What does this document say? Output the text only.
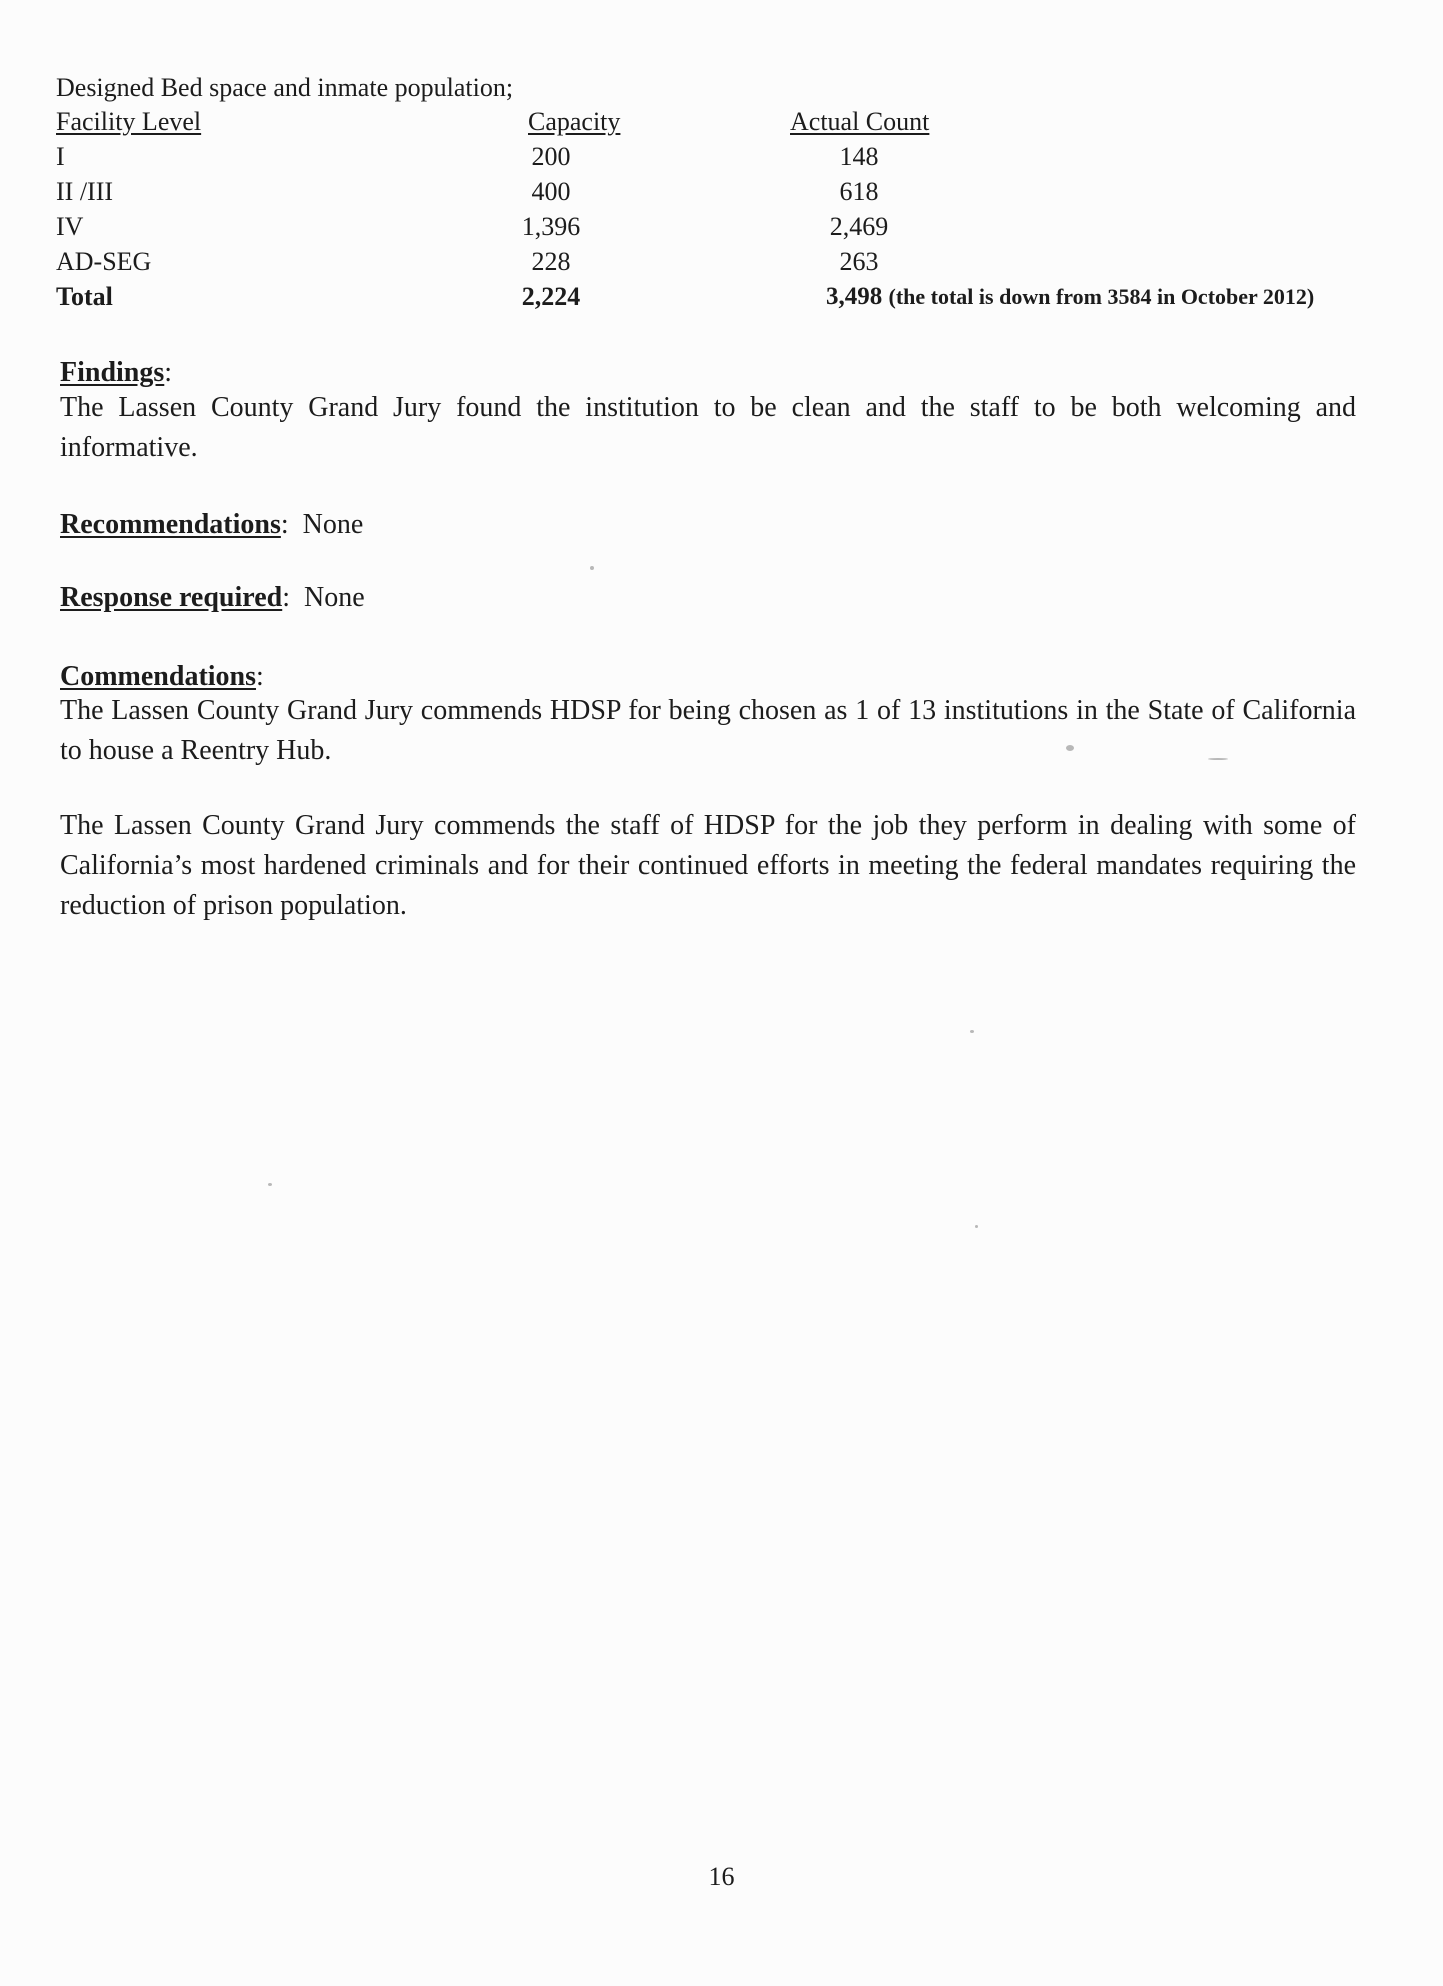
Designed Bed space and inmate population;
Facility Level	Capacity	Actual Count
I	200	148
II /III	400	618
IV	1,396	2,469
AD-SEG	228	263
Total	2,224	3,498 (the total is down from 3584 in October 2012)
Findings:
The Lassen County Grand Jury found the institution to be clean and the staff to be both welcoming and informative.
Recommendations:  None
Response required:  None
Commendations:
The Lassen County Grand Jury commends HDSP for being chosen as 1 of 13 institutions in the State of California to house a Reentry Hub.
The Lassen County Grand Jury commends the staff of HDSP for the job they perform in dealing with some of California’s most hardened criminals and for their continued efforts in meeting the federal mandates requiring the reduction of prison population.
16
